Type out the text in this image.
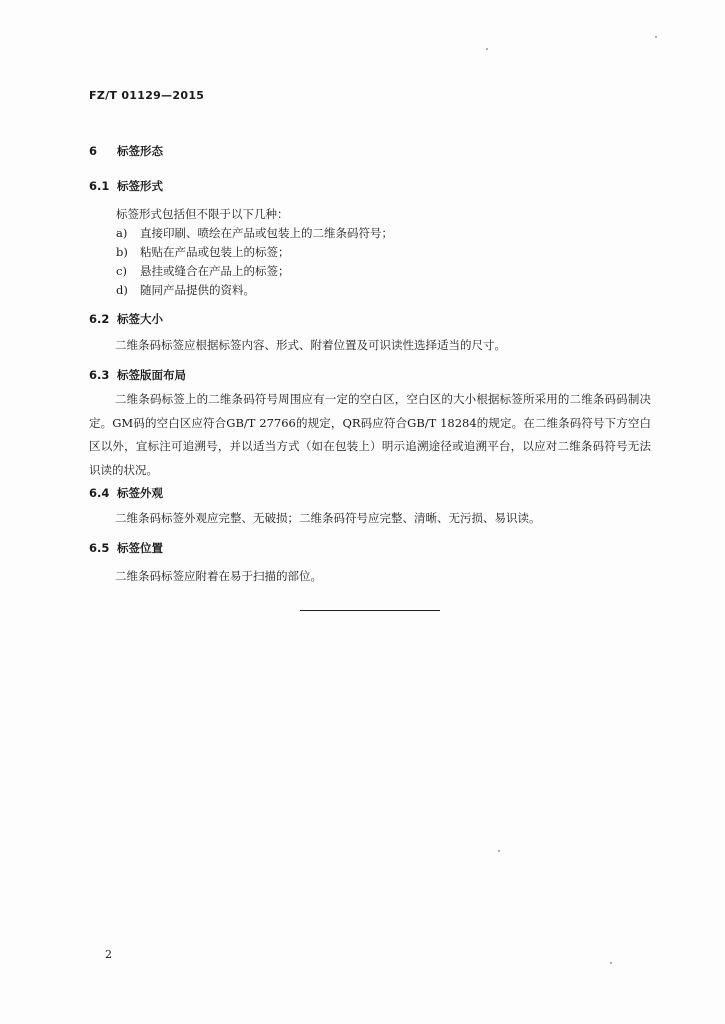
FZ/T 01129—2015
6 标签形态
6.1 标签形式
标签形式包括但不限于以下几种：
a) 直接印刷、喷绘在产品或包装上的二维条码符号；
b) 粘贴在产品或包装上的标签；
c) 悬挂或缝合在产品上的标签；
d) 随同产品提供的资料。
6.2 标签大小
二维条码标签应根据标签内容、形式、附着位置及可识读性选择适当的尺寸。
6.3 标签版面布局
二维条码标签上的二维条码符号周围应有一定的空白区，空白区的大小根据标签所采用的二维条码码制决定。GM码的空白区应符合GB/T 27766的规定，QR码应符合GB/T 18284的规定。在二维条码符号下方空白区以外，宜标注可追溯号，并以适当方式（如在包装上）明示追溯途径或追溯平台，以应对二维条码符号无法识读的状况。
6.4 标签外观
二维条码标签外观应完整、无破损；二维条码符号应完整、清晰、无污损、易识读。
6.5 标签位置
二维条码标签应附着在易于扫描的部位。
2
